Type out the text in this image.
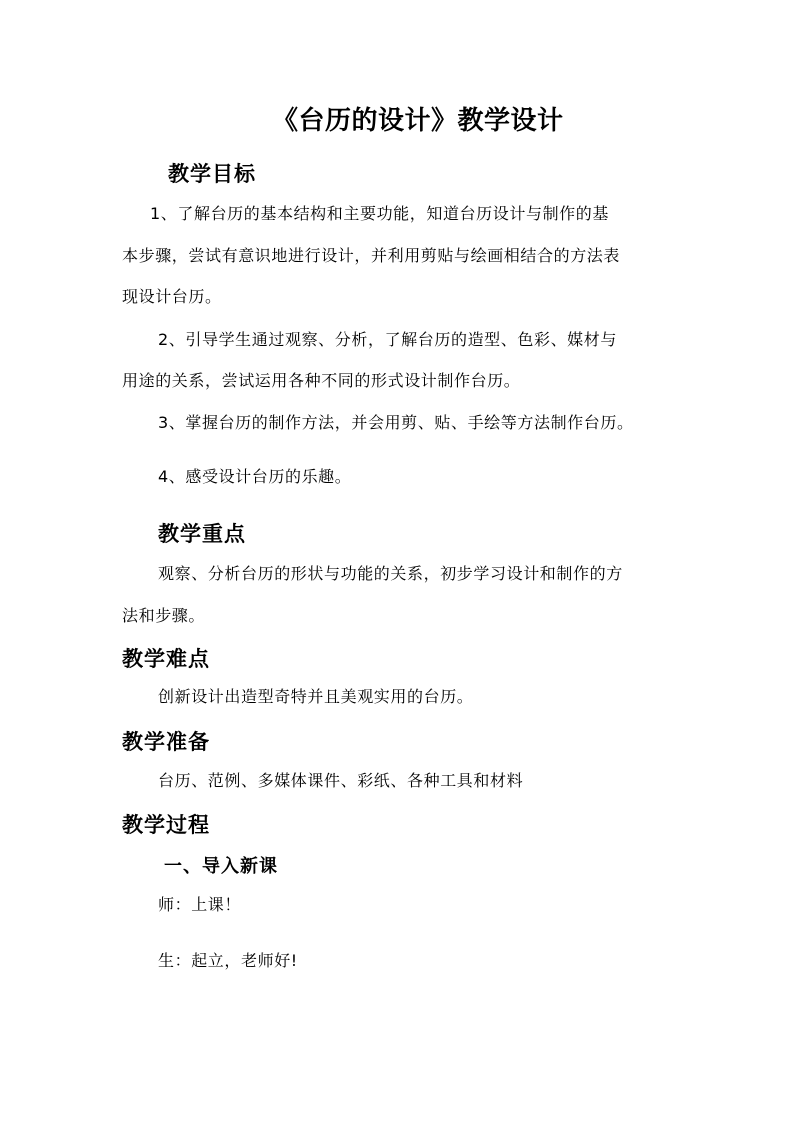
《台历的设计》教学设计
教学目标
1、了解台历的基本结构和主要功能，知道台历设计与制作的基
本步骤，尝试有意识地进行设计，并利用剪贴与绘画相结合的方法表
现设计台历。
2、引导学生通过观察、分析，了解台历的造型、色彩、媒材与
用途的关系，尝试运用各种不同的形式设计制作台历。
3、掌握台历的制作方法，并会用剪、贴、手绘等方法制作台历。
4、感受设计台历的乐趣。
教学重点
观察、分析台历的形状与功能的关系，初步学习设计和制作的方
法和步骤。
教学难点
创新设计出造型奇特并且美观实用的台历。
教学准备
台历、范例、多媒体课件、彩纸、各种工具和材料
教学过程
一、导入新课
师：上课！
生：起立，老师好!
